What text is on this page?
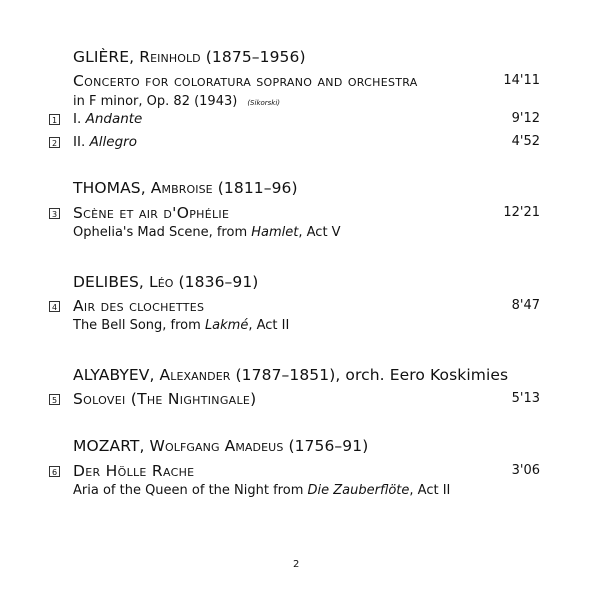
GLIÈRE, Reinhold (1875–1956)
Concerto for coloratura soprano and orchestra	14'11
in F minor, Op. 82 (1943) (Sikorski)
1 I. Andante	9'12
2 II. Allegro	4'52
THOMAS, Ambroise (1811–96)
3 Scène et air d'Ophélie	12'21
Ophelia's Mad Scene, from Hamlet, Act V
DELIBES, Léo (1836–91)
4 Air des clochettes	8'47
The Bell Song, from Lakmé, Act II
ALYABYEV, Alexander (1787–1851), orch. Eero Koskimies
5 Solovei (The Nightingale)	5'13
MOZART, Wolfgang Amadeus (1756–91)
6 Der Hölle Rache	3'06
Aria of the Queen of the Night from Die Zauberflöte, Act II
2
